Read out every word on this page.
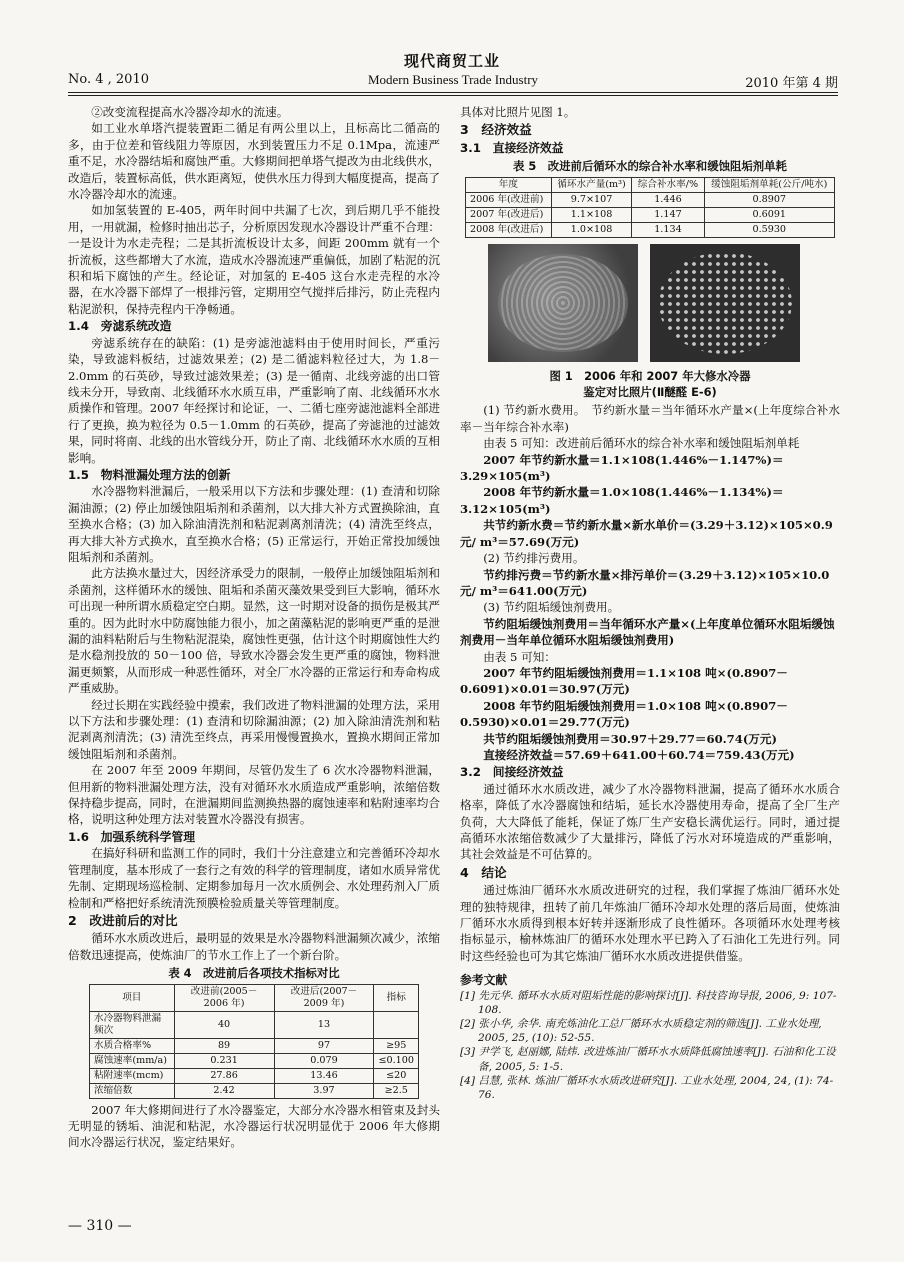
现代商贸工业
No. 4 , 2010	Modern Business Trade Industry	2010 年第 4 期

②改变流程提高水冷器冷却水的流速。

如工业水单塔汽提装置距二循足有两公里以上，且标高比二循高的多，由于位差和管线阻力等原因，水到装置压力不足 0.1Mpa，流速严重不足，水冷器结垢和腐蚀严重。大修期间把单塔气提改为由北线供水，改造后，装置标高低，供水距离短，使供水压力得到大幅度提高，提高了水冷器冷却水的流速。

如加氢装置的 E-405，两年时间中共漏了七次，到后期几乎不能投用，一用就漏，检修时抽出芯子，分析原因发现水冷器设计严重不合理：一是设计为水走壳程；二是其折流板设计太多，间距 200mm 就有一个折流板，这些都增大了水流，造成水冷器流速严重偏低，加剧了粘泥的沉积和垢下腐蚀的产生。经论证，对加氢的 E-405 这台水走壳程的水冷器，在水冷器下部焊了一根排污管，定期用空气搅拌后排污，防止壳程内粘泥淤积，保持壳程内干净畅通。

1.4　旁滤系统改造

旁滤系统存在的缺陷：(1) 是旁滤池滤料由于使用时间长，严重污染，导致滤料板结，过滤效果差；(2) 是二循滤料粒径过大，为 1.8－2.0mm 的石英砂，导致过滤效果差；(3) 是一循南、北线旁滤的出口管线未分开，导致南、北线循环水水质互串，严重影响了南、北线循环水水质操作和管理。2007 年经探讨和论证，一、二循七座旁滤池滤料全部进行了更换，换为粒径为 0.5－1.0mm 的石英砂，提高了旁滤池的过滤效果，同时将南、北线的出水管线分开，防止了南、北线循环水水质的互相影响。

1.5　物料泄漏处理方法的创新

水冷器物料泄漏后，一般采用以下方法和步骤处理：(1) 查清和切除漏油源；(2) 停止加缓蚀阻垢剂和杀菌剂，以大排大补方式置换除油，直至换水合格；(3) 加入除油清洗剂和粘泥剥离剂清洗；(4) 清洗至终点，再大排大补方式换水，直至换水合格；(5) 正常运行，开始正常投加缓蚀阻垢剂和杀菌剂。

此方法换水量过大，因经济承受力的限制，一般停止加缓蚀阻垢剂和杀菌剂，这样循环水的缓蚀、阻垢和杀菌灭藻效果受到巨大影响，循环水可出现一种所谓水质稳定空白期。显然，这一时期对设备的损伤是极其严重的。因为此时水中防腐蚀能力很小，加之菌藻粘泥的影响更严重的是泄漏的油料粘附后与生物粘泥混染，腐蚀性更强，估计这个时期腐蚀性大约是水稳剂投放的 50－100 倍，导致水冷器会发生更严重的腐蚀，物料泄漏更频繁，从而形成一种恶性循环，对全厂水冷器的正常运行和寿命构成严重威胁。

经过长期在实践经验中摸索，我们改进了物料泄漏的处理方法，采用以下方法和步骤处理：(1) 查清和切除漏油源；(2) 加入除油清洗剂和粘泥剥离剂清洗；(3) 清洗至终点，再采用慢慢置换水，置换水期间正常加缓蚀阻垢剂和杀菌剂。

在 2007 年至 2009 年期间，尽管仍发生了 6 次水冷器物料泄漏，但用新的物料泄漏处理方法，没有对循环水水质造成严重影响，浓缩倍数保持稳步提高，同时，在泄漏期间监测换热器的腐蚀速率和粘附速率均合格，说明这种处理方法对装置水冷器没有损害。

1.6　加强系统科学管理

在搞好科研和监测工作的同时，我们十分注意建立和完善循环冷却水管理制度，基本形成了一套行之有效的科学的管理制度，诸如水质异常优先制、定期现场巡检制、定期参加每月一次水质例会、水处理药剂入厂质检制和严格把好系统清洗预膜检验质量关等管理制度。

2　改进前后的对比

循环水水质改进后，最明显的效果是水冷器物料泄漏频次减少，浓缩倍数迅速提高，使炼油厂的节水工作上了一个新台阶。

表 4　改进前后各项技术指标对比

项目	改进前(2005－2006 年)	改进后(2007－2009 年)	指标
水冷器物料泄漏频次	40	13	
水质合格率%	89	97	≥95
腐蚀速率(mm/a)	0.231	0.079	≤0.100
粘附速率(mcm)	27.86	13.46	≤20
浓缩倍数	2.42	3.97	≥2.5

2007 年大修期间进行了水冷器鉴定，大部分水冷器水相管束及封头无明显的锈垢、油泥和粘泥，水冷器运行状况明显优于 2006 年大修期间水冷器运行状况，鉴定结果好。

具体对比照片见图 1。

3　经济效益

3.1　直接经济效益

表 5　改进前后循环水的综合补水率和缓蚀阻垢剂单耗

年度	循环水产量(m³)	综合补水率/%	缓蚀阻垢剂单耗(公斤/吨水)
2006 年(改进前)	9.7×107	1.446	0.8907
2007 年(改进后)	1.1×108	1.147	0.6091
2008 年(改进后)	1.0×108	1.134	0.5930

图 1　2006 年和 2007 年大修水冷器

鉴定对比照片(Ⅱ醚醛 E-6)

(1) 节约新水费用。　节约新水量＝当年循环水产量×(上年度综合补水率－当年综合补水率)

由表 5 可知：改进前后循环水的综合补水率和缓蚀阻垢剂单耗

2007 年节约新水量＝1.1×108(1.446%－1.147%)＝3.29×105(m³)

2008 年节约新水量＝1.0×108(1.446%－1.134%)＝3.12×105(m³)

共节约新水费＝节约新水量×新水单价＝(3.29＋3.12)×105×0.9 元/ m³＝57.69(万元)

(2) 节约排污费用。

节约排污费＝节约新水量×排污单价＝(3.29＋3.12)×105×10.0 元/ m³＝641.00(万元)

(3) 节约阻垢缓蚀剂费用。

节约阻垢缓蚀剂费用＝当年循环水产量×(上年度单位循环水阻垢缓蚀剂费用－当年单位循环水阻垢缓蚀剂费用)

由表 5 可知：

2007 年节约阻垢缓蚀剂费用＝1.1×108 吨×(0.8907－0.6091)×0.01＝30.97(万元)

2008 年节约阻垢缓蚀剂费用＝1.0×108 吨×(0.8907－0.5930)×0.01＝29.77(万元)

共节约阻垢缓蚀剂费用＝30.97＋29.77＝60.74(万元)

直接经济效益＝57.69＋641.00＋60.74＝759.43(万元)

3.2　间接经济效益

通过循环水水质改进，减少了水冷器物料泄漏，提高了循环水水质合格率，降低了水冷器腐蚀和结垢，延长水冷器使用寿命，提高了全厂生产负荷，大大降低了能耗，保证了炼厂生产安稳长满优运行。同时，通过提高循环水浓缩倍数减少了大量排污，降低了污水对环境造成的严重影响，其社会效益是不可估算的。

4　结论

通过炼油厂循环水水质改进研究的过程，我们掌握了炼油厂循环水处理的独特规律，扭转了前几年炼油厂循环冷却水处理的落后局面，使炼油厂循环水水质得到根本好转并逐渐形成了良性循环。各项循环水处理考核指标显示，榆林炼油厂的循环水处理水平已跨入了石油化工先进行列。同时这些经验也可为其它炼油厂循环水水质改进提供借鉴。

参考文献

[1] 先元华. 循环水水质对阻垢性能的影响探讨[J]. 科技咨询导报, 2006, 9: 107-108.

[2] 张小华, 余华. 南充炼油化工总厂循环水水质稳定剂的筛选[J]. 工业水处理, 2005, 25, (10): 52-55.

[3] 尹学飞, 赵丽娜, 陆炜. 改进炼油厂循环水水质降低腐蚀速率[J]. 石油和化工设备, 2005, 5: 1-5.

[4] 吕慧, 张林. 炼油厂循环水水质改进研究[J]. 工业水处理, 2004, 24, (1): 74-76.

— 310 —
